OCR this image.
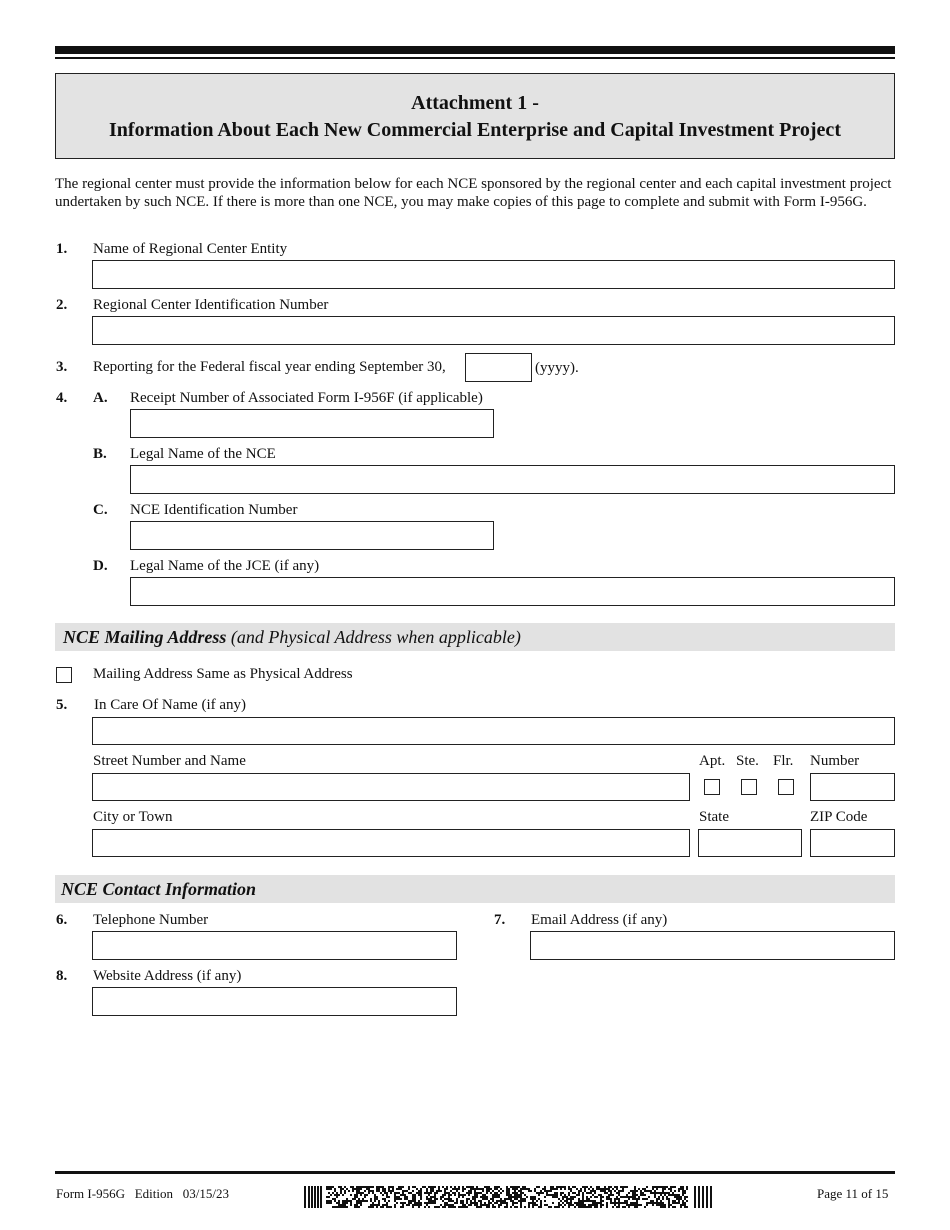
Attachment 1 -
Information About Each New Commercial Enterprise and Capital Investment Project
The regional center must provide the information below for each NCE sponsored by the regional center and each capital investment project undertaken by such NCE. If there is more than one NCE, you may make copies of this page to complete and submit with Form I-956G.
1. Name of Regional Center Entity
2. Regional Center Identification Number
3. Reporting for the Federal fiscal year ending September 30,	(yyyy).
4. A. Receipt Number of Associated Form I-956F (if applicable)
B. Legal Name of the NCE
C. NCE Identification Number
D. Legal Name of the JCE (if any)
NCE Mailing Address (and Physical Address when applicable)
Mailing Address Same as Physical Address
5. In Care Of Name (if any)
Street Number and Name	Apt. Ste. Flr. Number
City or Town	State	ZIP Code
NCE Contact Information
6. Telephone Number	7. Email Address (if any)
8. Website Address (if any)
Form I-956G Edition 03/15/23	Page 11 of 15
